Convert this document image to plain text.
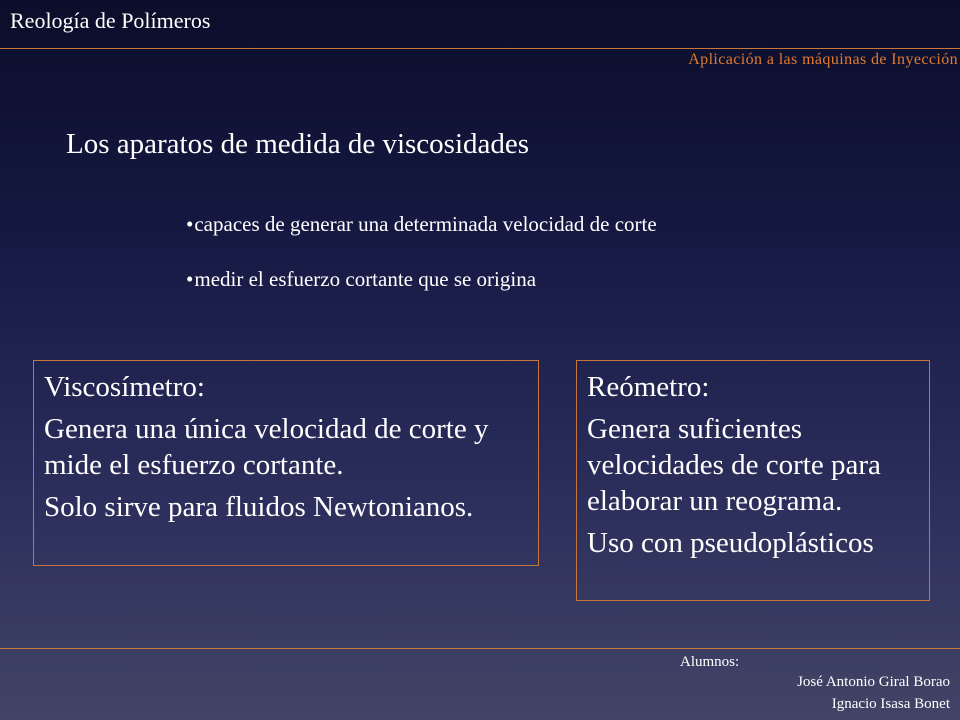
Reología de Polímeros
Aplicación a las máquinas de Inyección
Los aparatos de medida de viscosidades
•capaces de generar una determinada velocidad de corte
•medir el esfuerzo cortante que se origina

Viscosímetro:

Genera una única velocidad de corte y mide el esfuerzo cortante.

Solo sirve para fluidos Newtonianos.

Reómetro:

Genera suficientes velocidades de corte para elaborar un reograma.

Uso con pseudoplásticos

Alumnos:
José Antonio Giral Borao
Ignacio Isasa Bonet
